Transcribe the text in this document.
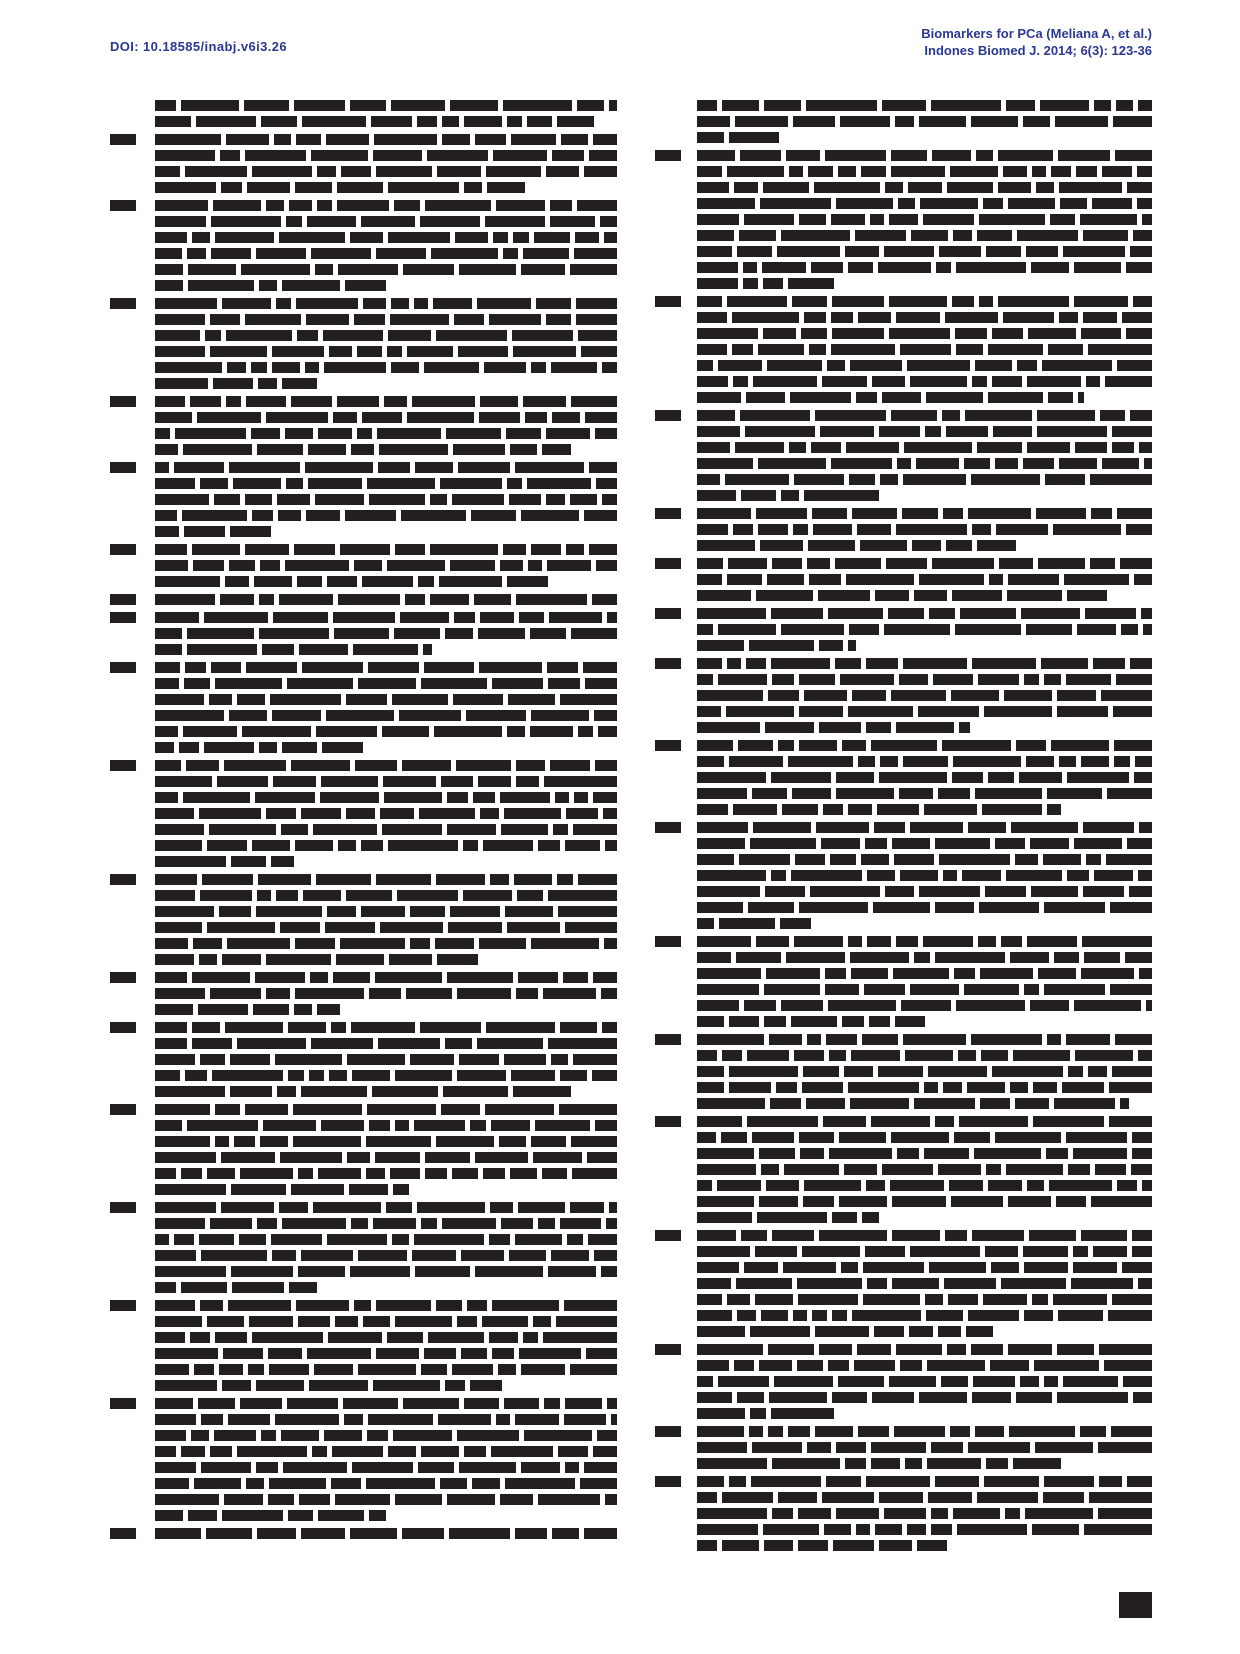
DOI: 10.18585/inabj.v6i3.26
Biomarkers for PCa (Meliana A, et al.)
Indones Biomed J. 2014; 6(3): 123-36
